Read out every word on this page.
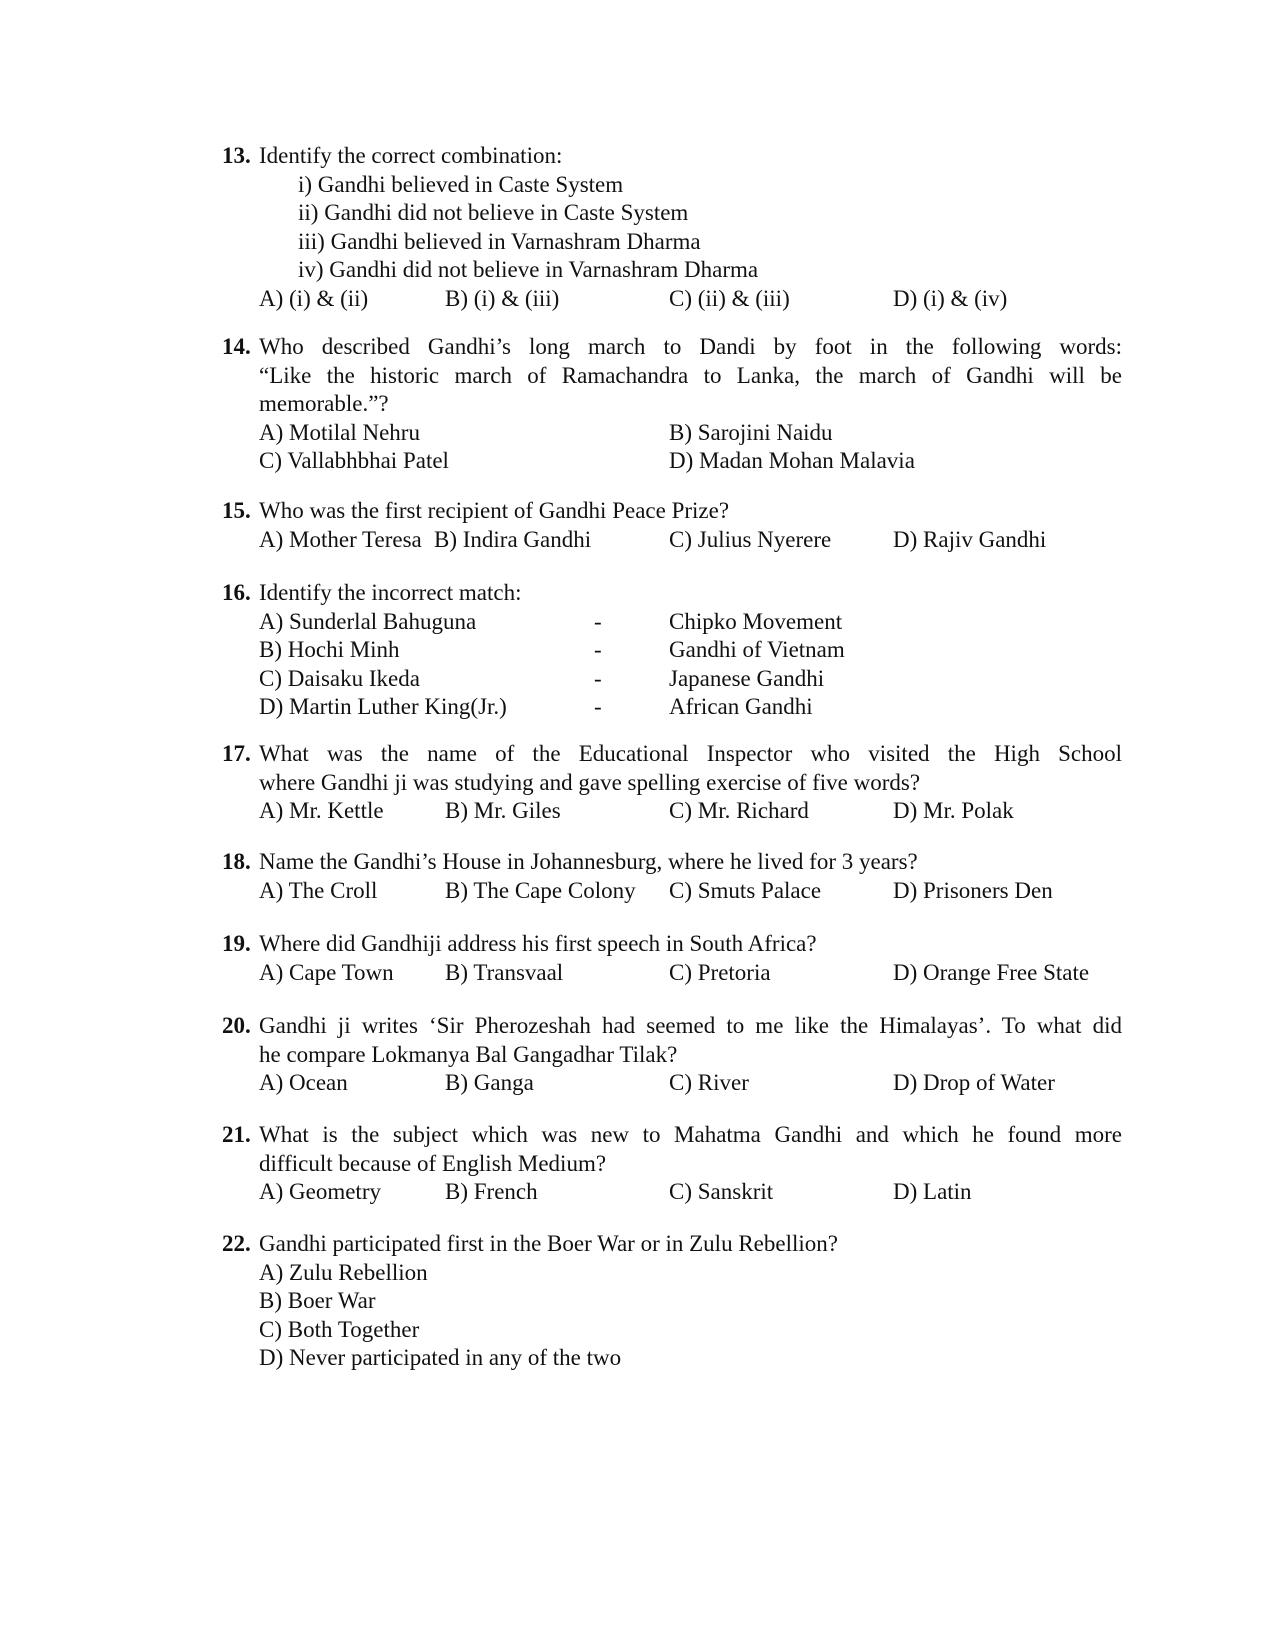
13. Identify the correct combination:
i) Gandhi believed in Caste System
ii) Gandhi did not believe in Caste System
iii) Gandhi believed in Varnashram Dharma
iv) Gandhi did not believe in Varnashram Dharma
A) (i) & (ii)	B) (i) & (iii)	C) (ii) & (iii)	D) (i) & (iv)
14. Who described Gandhi’s long march to Dandi by foot in the following words:
“Like the historic march of Ramachandra to Lanka, the march of Gandhi will be
memorable.”?
A) Motilal Nehru	B) Sarojini Naidu
C) Vallabhbhai Patel	D) Madan Mohan Malavia
15. Who was the first recipient of Gandhi Peace Prize?
A) Mother Teresa B) Indira Gandhi	C) Julius Nyerere	D) Rajiv Gandhi
16. Identify the incorrect match:
A) Sunderlal Bahuguna	-	Chipko Movement
B) Hochi Minh	-	Gandhi of Vietnam
C) Daisaku Ikeda	-	Japanese Gandhi
D) Martin Luther King(Jr.)	-	African Gandhi
17. What was the name of the Educational Inspector who visited the High School
where Gandhi ji was studying and gave spelling exercise of five words?
A) Mr. Kettle	B) Mr. Giles	C) Mr. Richard	D) Mr. Polak
18. Name the Gandhi’s House in Johannesburg, where he lived for 3 years?
A) The Croll	B) The Cape Colony C) Smuts Palace	D) Prisoners Den
19. Where did Gandhiji address his first speech in South Africa?
A) Cape Town B) Transvaal	C) Pretoria	D) Orange Free State
20. Gandhi ji writes ‘Sir Pherozeshah had seemed to me like the Himalayas’. To what did
he compare Lokmanya Bal Gangadhar Tilak?
A) Ocean	B) Ganga	C) River	D) Drop of Water
21. What is the subject which was new to Mahatma Gandhi and which he found more
difficult because of English Medium?
A) Geometry	B) French	C) Sanskrit	D) Latin
22. Gandhi participated first in the Boer War or in Zulu Rebellion?
A) Zulu Rebellion
B) Boer War
C) Both Together
D) Never participated in any of the two
